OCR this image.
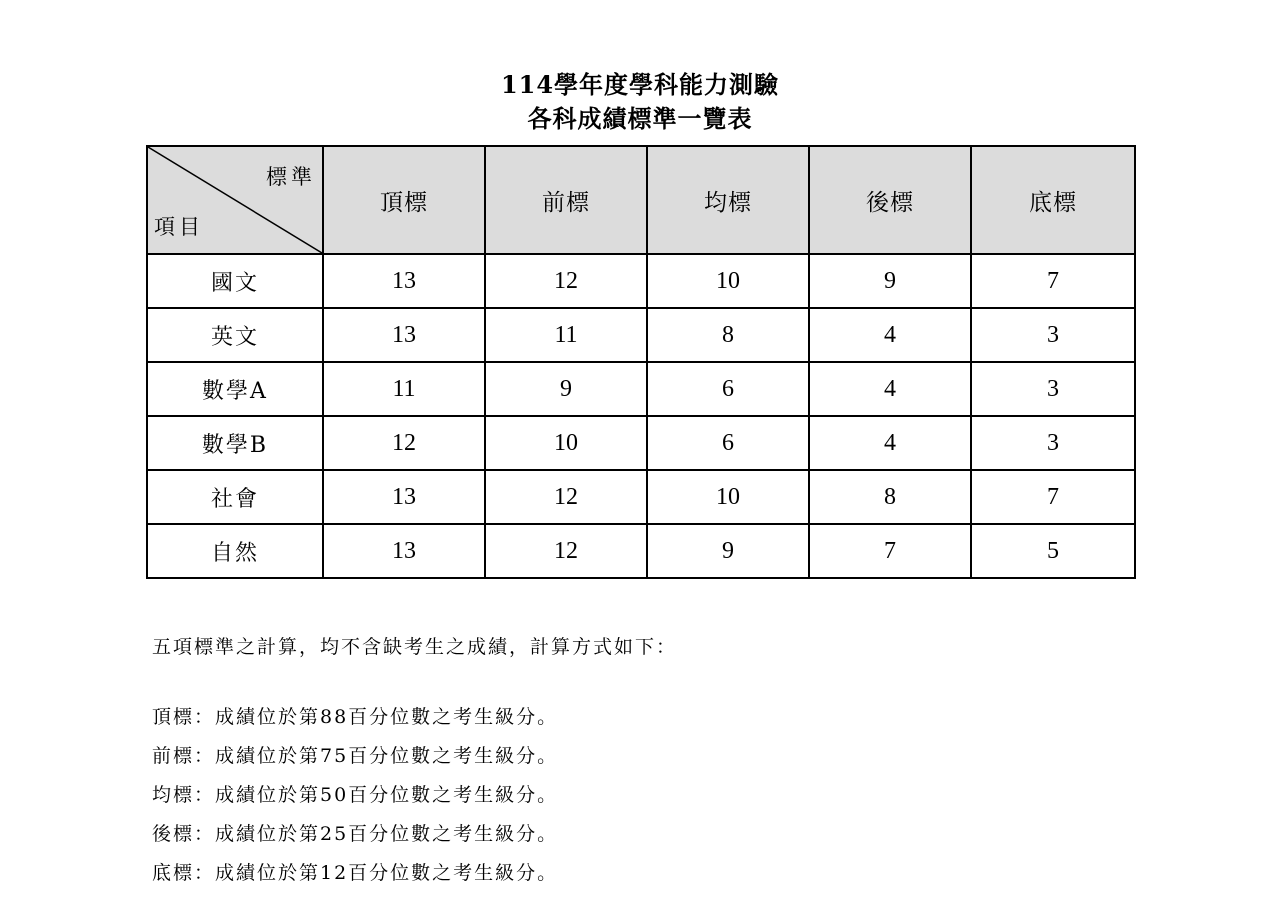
114學年度學科能力測驗
各科成績標準一覽表
標準
項目	頂標	前標	均標	後標	底標
國文	13	12	10	9	7
英文	13	11	8	4	3
數學A	11	9	6	4	3
數學B	12	10	6	4	3
社會	13	12	10	8	7
自然	13	12	9	7	5
五項標準之計算，均不含缺考生之成績，計算方式如下：
頂標：成績位於第88百分位數之考生級分。
前標：成績位於第75百分位數之考生級分。
均標：成績位於第50百分位數之考生級分。
後標：成績位於第25百分位數之考生級分。
底標：成績位於第12百分位數之考生級分。
